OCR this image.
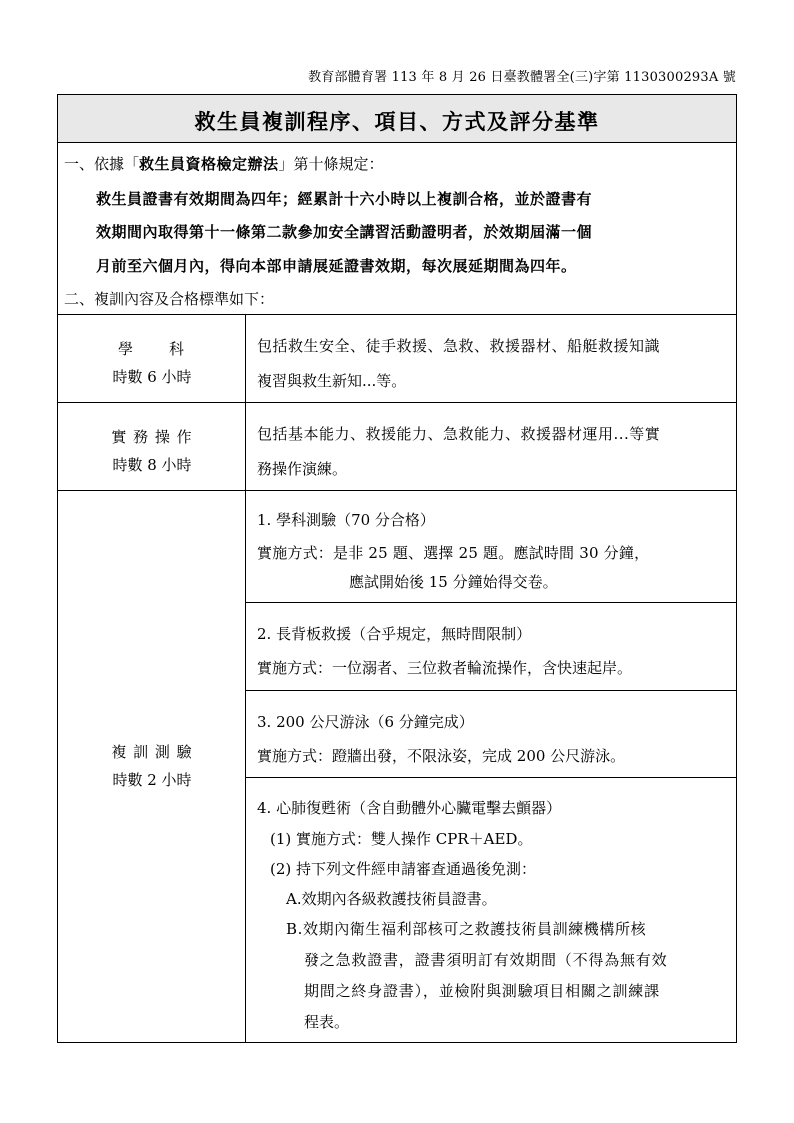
教育部體育署 113 年 8 月 26 日臺教體署全(三)字第 1130300293A 號
救生員複訓程序、項目、方式及評分基準
一、依據「救生員資格檢定辦法」第十條規定：
救生員證書有效期間為四年；經累計十六小時以上複訓合格，並於證書有
效期間內取得第十一條第二款參加安全講習活動證明者，於效期屆滿一個
月前至六個月內，得向本部申請展延證書效期，每次展延期間為四年。
二、複訓內容及合格標準如下：
學　　科
時數 6 小時
包括救生安全、徒手救援、急救、救援器材、船艇救援知識
複習與救生新知...等。
實 務 操 作
時數 8 小時
包括基本能力、救援能力、急救能力、救援器材運用...等實
務操作演練。
複 訓 測 驗
時數 2 小時
1. 學科測驗（70 分合格）
實施方式：是非 25 題、選擇 25 題。應試時間 30 分鐘，
應試開始後 15 分鐘始得交卷。
2. 長背板救援（合乎規定，無時間限制）
實施方式：一位溺者、三位救者輪流操作，含快速起岸。
3. 200 公尺游泳（6 分鐘完成）
實施方式：蹬牆出發，不限泳姿，完成 200 公尺游泳。
4. 心肺復甦術（含自動體外心臟電擊去顫器）
(1) 實施方式：雙人操作 CPR＋AED。
(2) 持下列文件經申請審查通過後免測：
A.效期內各級救護技術員證書。
B.效期內衛生福利部核可之救護技術員訓練機構所核
發之急救證書，證書須明訂有效期間（不得為無有效
期間之終身證書），並檢附與測驗項目相關之訓練課
程表。
